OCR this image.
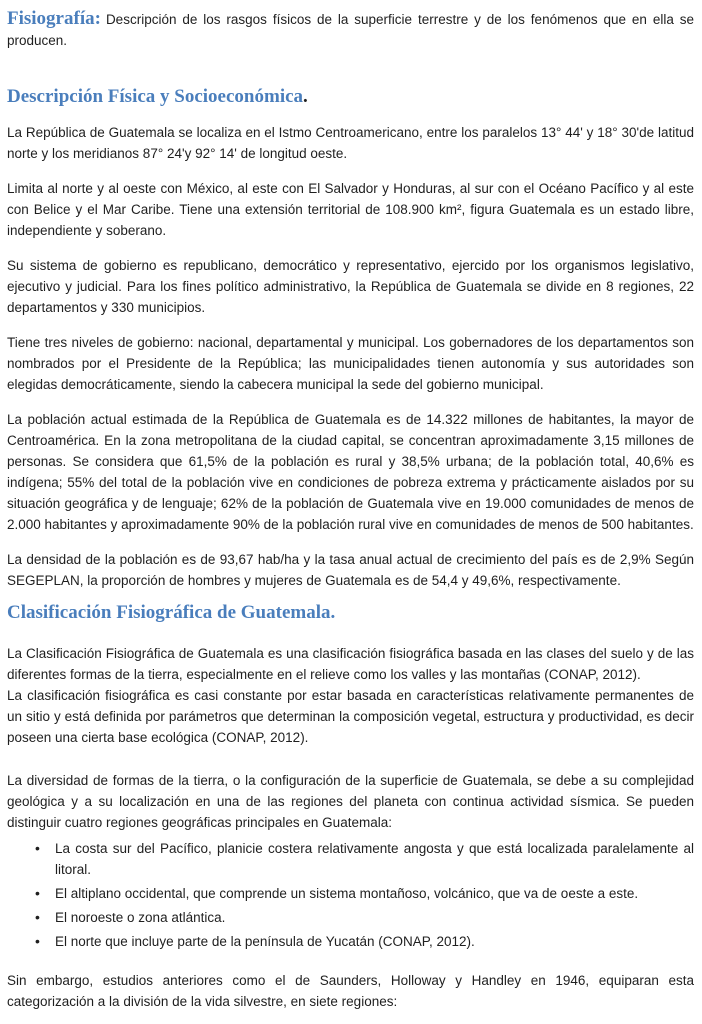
Fisiografía: Descripción de los rasgos físicos de la superficie terrestre y de los fenómenos que en ella se producen.

Descripción Física y Socioeconómica.

La República de Guatemala se localiza en el Istmo Centroamericano, entre los paralelos 13° 44' y 18° 30'de latitud norte y los meridianos 87° 24'y 92° 14' de longitud oeste.

Limita al norte y al oeste con México, al este con El Salvador y Honduras, al sur con el Océano Pacífico y al este con Belice y el Mar Caribe. Tiene una extensión territorial de 108.900 km², figura Guatemala es un estado libre, independiente y soberano.

Su sistema de gobierno es republicano, democrático y representativo, ejercido por los organismos legislativo, ejecutivo y judicial. Para los fines político administrativo, la República de Guatemala se divide en 8 regiones, 22 departamentos y 330 municipios.

Tiene tres niveles de gobierno: nacional, departamental y municipal. Los gobernadores de los departamentos son nombrados por el Presidente de la República; las municipalidades tienen autonomía y sus autoridades son elegidas democráticamente, siendo la cabecera municipal la sede del gobierno municipal.

La población actual estimada de la República de Guatemala es de 14.322 millones de habitantes, la mayor de Centroamérica. En la zona metropolitana de la ciudad capital, se concentran aproximadamente 3,15 millones de personas. Se considera que 61,5% de la población es rural y 38,5% urbana; de la población total, 40,6% es indígena; 55% del total de la población vive en condiciones de pobreza extrema y prácticamente aislados por su situación geográfica y de lenguaje; 62% de la población de Guatemala vive en 19.000 comunidades de menos de 2.000 habitantes y aproximadamente 90% de la población rural vive en comunidades de menos de 500 habitantes.

La densidad de la población es de 93,67 hab/ha y la tasa anual actual de crecimiento del país es de 2,9% Según SEGEPLAN, la proporción de hombres y mujeres de Guatemala es de 54,4 y 49,6%, respectivamente.

Clasificación Fisiográfica de Guatemala.

La Clasificación Fisiográfica de Guatemala es una clasificación fisiográfica basada en las clases del suelo y de las diferentes formas de la tierra, especialmente en el relieve como los valles y las montañas (CONAP, 2012).

La clasificación fisiográfica es casi constante por estar basada en características relativamente permanentes de un sitio y está definida por parámetros que determinan la composición vegetal, estructura y productividad, es decir poseen una cierta base ecológica (CONAP, 2012).

La diversidad de formas de la tierra, o la configuración de la superficie de Guatemala, se debe a su complejidad geológica y a su localización en una de las regiones del planeta con continua actividad sísmica. Se pueden distinguir cuatro regiones geográficas principales en Guatemala:

• La costa sur del Pacífico, planicie costera relativamente angosta y que está localizada paralelamente al litoral.
• El altiplano occidental, que comprende un sistema montañoso, volcánico, que va de oeste a este.
• El noroeste o zona atlántica.
• El norte que incluye parte de la península de Yucatán (CONAP, 2012).

Sin embargo, estudios anteriores como el de Saunders, Holloway y Handley en 1946, equiparan esta categorización a la división de la vida silvestre, en siete regiones:
